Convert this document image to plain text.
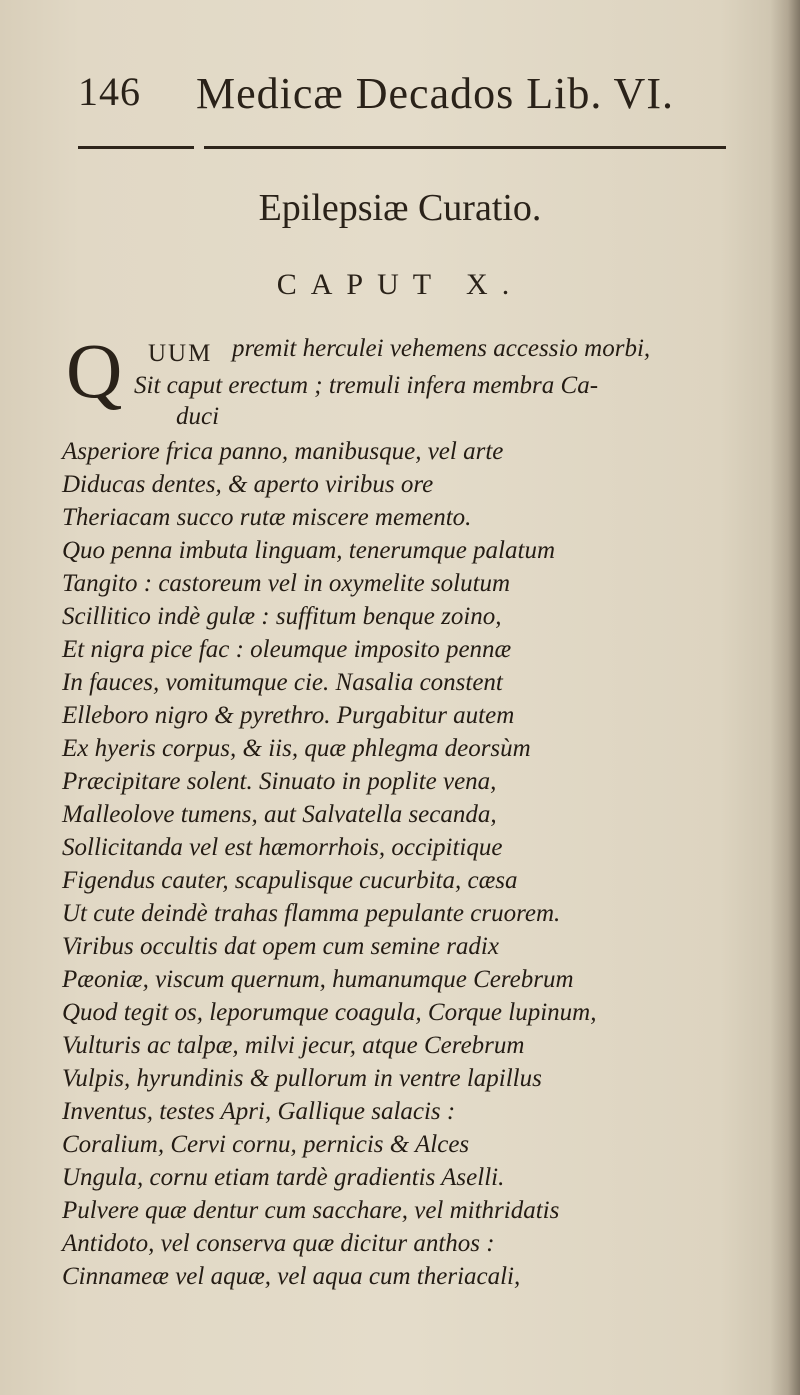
146 Medicæ Decados Lib. VI.
Epilepsiæ Curatio.
CAPUT X.
Q UUM premit herculei vehemens accessio morbi,
Sit caput erectum ; tremuli infera membra Ca-
duci
Asperiore frica panno, manibusque, vel arte
Diducas dentes, & aperto viribus ore
Theriacam succo rutæ miscere memento.
Quo penna imbuta linguam, tenerumque palatum
Tangito : castoreum vel in oxymelite solutum
Scillitico indè gulæ : suffitum benque zoino,
Et nigra pice fac : oleumque imposito pennæ
In fauces, vomitumque cie. Nasalia constent
Elleboro nigro & pyrethro. Purgabitur autem
Ex hyeris corpus, & iis, quæ phlegma deorsùm
Præcipitare solent. Sinuato in poplite vena,
Malleolove tumens, aut Salvatella secanda,
Sollicitanda vel est hæmorrhois, occipitique
Figendus cauter, scapulisque cucurbita, cæsa
Ut cute deindè trahas flamma pepulante cruorem.
Viribus occultis dat opem cum semine radix
Pæoniæ, viscum quernum, humanumque Cerebrum
Quod tegit os, leporumque coagula, Corque lupinum,
Vulturis ac talpæ, milvi jecur, atque Cerebrum
Vulpis, hyrundinis & pullorum in ventre lapillus
Inventus, testes Apri, Gallique salacis :
Coralium, Cervi cornu, pernicis & Alces
Ungula, cornu etiam tardè gradientis Aselli.
Pulvere quæ dentur cum sacchare, vel mithridatis
Antidoto, vel conserva quæ dicitur anthos :
Cinnameæ vel aquæ, vel aqua cum theriacali,
